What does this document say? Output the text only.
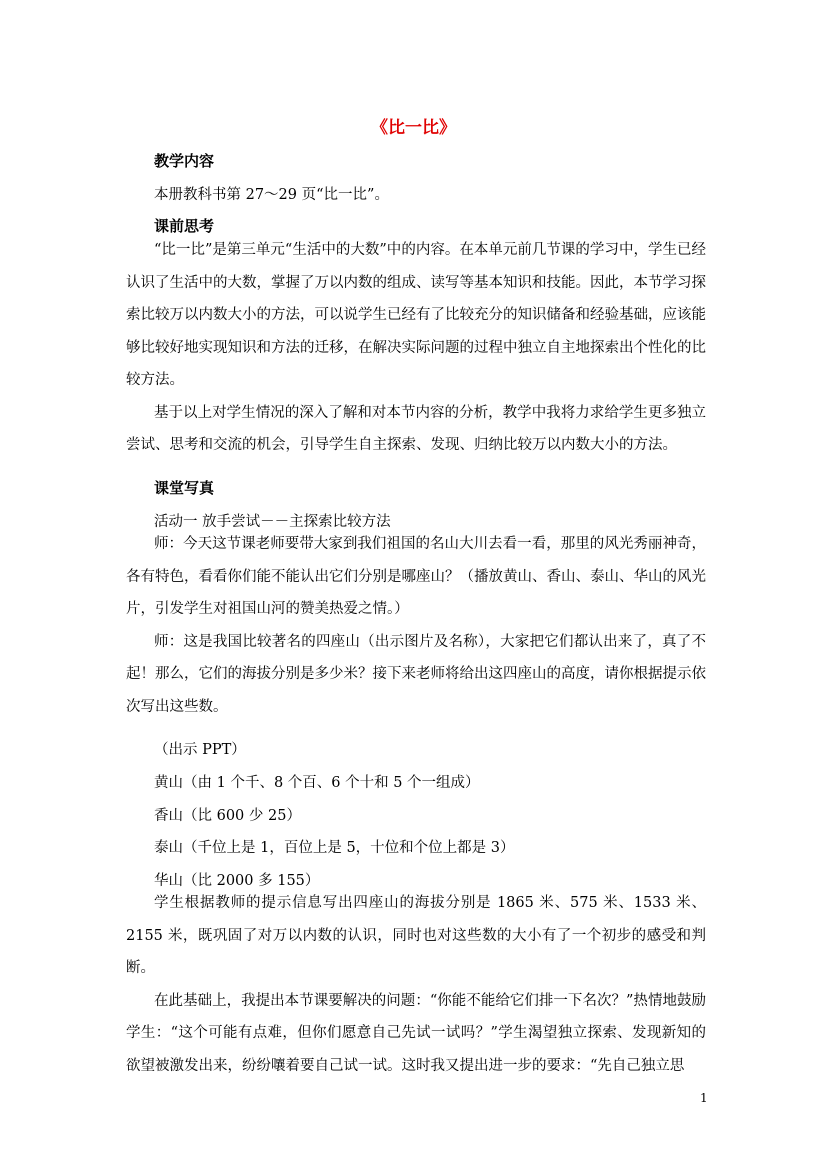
《比一比》
教学内容
本册教科书第 27～29 页“比一比”。
课前思考

“比一比”是第三单元“生活中的大数”中的内容。在本单元前几节课的学习中，学生已经认识了生活中的大数，掌握了万以内数的组成、读写等基本知识和技能。因此，本节学习探索比较万以内数大小的方法，可以说学生已经有了比较充分的知识储备和经验基础，应该能够比较好地实现知识和方法的迁移，在解决实际问题的过程中独立自主地探索出个性化的比较方法。

基于以上对学生情况的深入了解和对本节内容的分析，教学中我将力求给学生更多独立尝试、思考和交流的机会，引导学生自主探索、发现、归纳比较万以内数大小的方法。

课堂写真
活动一 放手尝试－－主探索比较方法

师：今天这节课老师要带大家到我们祖国的名山大川去看一看，那里的风光秀丽神奇，各有特色，看看你们能不能认出它们分别是哪座山？（播放黄山、香山、泰山、华山的风光片，引发学生对祖国山河的赞美热爱之情。）

师：这是我国比较著名的四座山（出示图片及名称），大家把它们都认出来了，真了不起！那么，它们的海拔分别是多少米？接下来老师将给出这四座山的高度，请你根据提示依次写出这些数。

（出示 PPT）
黄山（由 1 个千、8 个百、6 个十和 5 个一组成）
香山（比 600 少 25）
泰山（千位上是 1，百位上是 5，十位和个位上都是 3）
华山（比 2000 多 155）

学生根据教师的提示信息写出四座山的海拔分别是 1865 米、575 米、1533 米、2155 米，既巩固了对万以内数的认识，同时也对这些数的大小有了一个初步的感受和判断。

在此基础上，我提出本节课要解决的问题：“你能不能给它们排一下名次？”热情地鼓励学生：“这个可能有点难，但你们愿意自己先试一试吗？”学生渴望独立探索、发现新知的欲望被激发出来，纷纷嚷着要自己试一试。这时我又提出进一步的要求：“先自己独立思

1
